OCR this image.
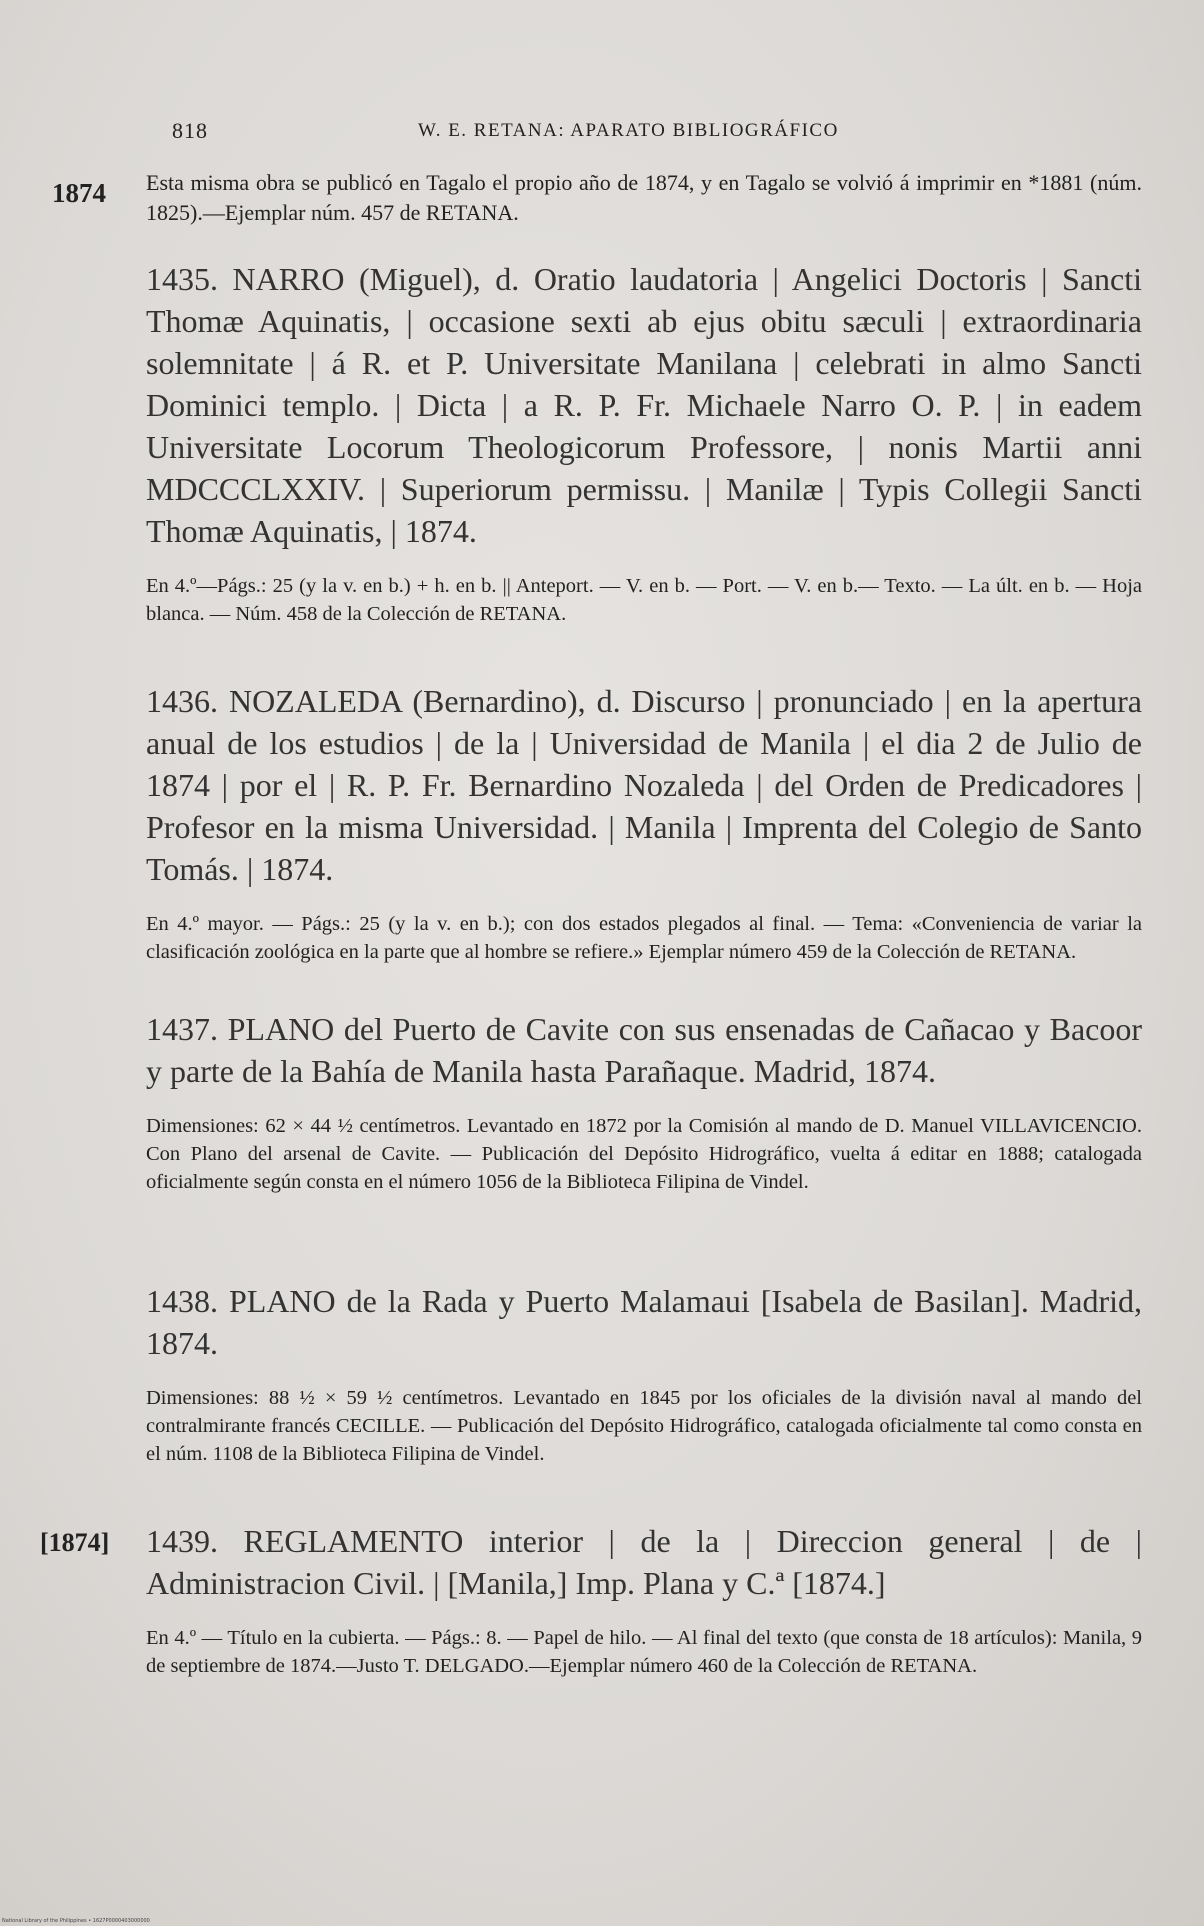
818	W. E. RETANA: APARATO BIBLIOGRÁFICO
1874 Esta misma obra se publicó en Tagalo el propio año de 1874, y en Tagalo se volvió á imprimir en *1881 (núm. 1825).—Ejemplar núm. 457 de RETANA.

1435. NARRO (Miguel), d. Oratio laudatoria | Angelici Doctoris | Sancti Thomæ Aquinatis, | occasione sexti ab ejus obitu sæculi | extraordinaria solemnitate | á R. et P. Universitate Manilana | celebrati in almo Sancti Dominici templo. | Dicta | a R. P. Fr. Michaele Narro O. P. | in eadem Universitate Locorum Theologicorum Professore, | nonis Martii anni MDCCCLXXIV. | Superiorum permissu. | Manilæ | Typis Collegii Sancti Thomæ Aquinatis, | 1874.

En 4.º—Págs.: 25 (y la v. en b.) + h. en b. || Anteport. — V. en b. — Port. — V. en b.— Texto. — La últ. en b. — Hoja blanca. — Núm. 458 de la Colección de RETANA.

1436. NOZALEDA (Bernardino), d. Discurso | pronunciado | en la apertura anual de los estudios | de la | Universidad de Manila | el dia 2 de Julio de 1874 | por el | R. P. Fr. Bernardino Nozaleda | del Orden de Predicadores | Profesor en la misma Universidad. | Manila | Imprenta del Colegio de Santo Tomás. | 1874.

En 4.º mayor. — Págs.: 25 (y la v. en b.); con dos estados plegados al final. — Tema: «Conveniencia de variar la clasificación zoológica en la parte que al hombre se refiere.» Ejemplar número 459 de la Colección de RETANA.

1437. PLANO del Puerto de Cavite con sus ensenadas de Cañacao y Bacoor y parte de la Bahía de Manila hasta Parañaque. Madrid, 1874.

Dimensiones: 62 × 44 ½ centímetros. Levantado en 1872 por la Comisión al mando de D. Manuel VILLAVICENCIO. Con Plano del arsenal de Cavite. — Publicación del Depósito Hidrográfico, vuelta á editar en 1888; catalogada oficialmente según consta en el número 1056 de la Biblioteca Filipina de Vindel.

1438. PLANO de la Rada y Puerto Malamaui [Isabela de Basilan]. Madrid, 1874.

Dimensiones: 88 ½ × 59 ½ centímetros. Levantado en 1845 por los oficiales de la división naval al mando del contralmirante francés CECILLE. — Publicación del Depósito Hidrográfico, catalogada oficialmente tal como consta en el núm. 1108 de la Biblioteca Filipina de Vindel.

[1874] 1439. REGLAMENTO interior | de la | Direccion general | de | Administracion Civil. | [Manila,] Imp. Plana y C.ª [1874.]

En 4.º — Título en la cubierta. — Págs.: 8. — Papel de hilo. — Al final del texto (que consta de 18 artículos): Manila, 9 de septiembre de 1874.—Justo T. DELGADO.—Ejemplar número 460 de la Colección de RETANA.

National Library of the Philippines • 1627P0000403000000
